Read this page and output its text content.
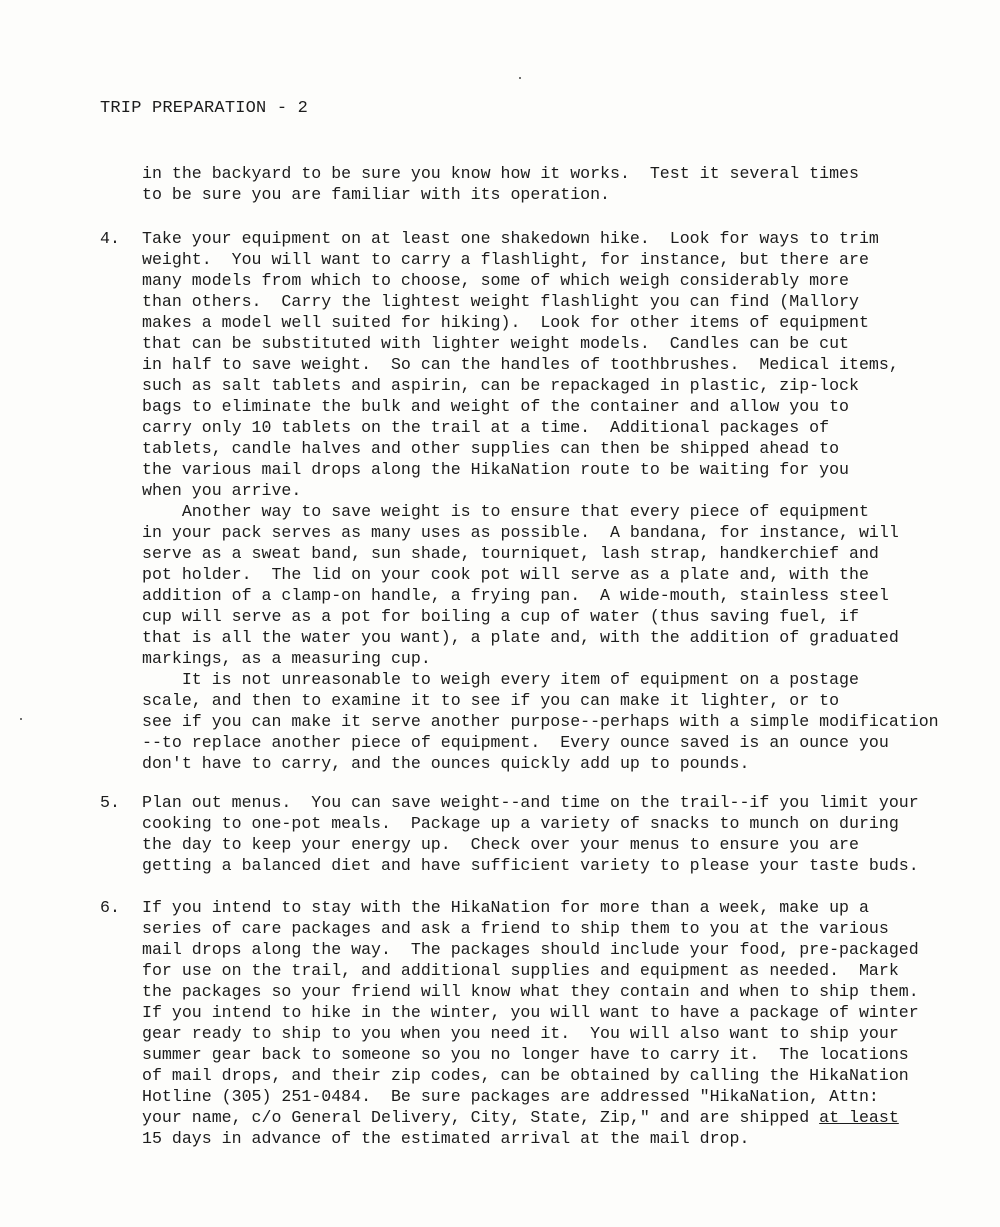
TRIP PREPARATION - 2
in the backyard to be sure you know how it works.  Test it several times
to be sure you are familiar with its operation.
4. Take your equipment on at least one shakedown hike.  Look for ways to trim
weight.  You will want to carry a flashlight, for instance, but there are
many models from which to choose, some of which weigh considerably more
than others.  Carry the lightest weight flashlight you can find (Mallory
makes a model well suited for hiking).  Look for other items of equipment
that can be substituted with lighter weight models.  Candles can be cut
in half to save weight.  So can the handles of toothbrushes.  Medical items,
such as salt tablets and aspirin, can be repackaged in plastic, zip-lock
bags to eliminate the bulk and weight of the container and allow you to
carry only 10 tablets on the trail at a time.  Additional packages of
tablets, candle halves and other supplies can then be shipped ahead to
the various mail drops along the HikaNation route to be waiting for you
when you arrive.
Another way to save weight is to ensure that every piece of equipment
in your pack serves as many uses as possible.  A bandana, for instance, will
serve as a sweat band, sun shade, tourniquet, lash strap, handkerchief and
pot holder.  The lid on your cook pot will serve as a plate and, with the
addition of a clamp-on handle, a frying pan.  A wide-mouth, stainless steel
cup will serve as a pot for boiling a cup of water (thus saving fuel, if
that is all the water you want), a plate and, with the addition of graduated
markings, as a measuring cup.
It is not unreasonable to weigh every item of equipment on a postage
scale, and then to examine it to see if you can make it lighter, or to
see if you can make it serve another purpose--perhaps with a simple modification
--to replace another piece of equipment.  Every ounce saved is an ounce you
don't have to carry, and the ounces quickly add up to pounds.
5. Plan out menus.  You can save weight--and time on the trail--if you limit your
cooking to one-pot meals.  Package up a variety of snacks to munch on during
the day to keep your energy up.  Check over your menus to ensure you are
getting a balanced diet and have sufficient variety to please your taste buds.
6. If you intend to stay with the HikaNation for more than a week, make up a
series of care packages and ask a friend to ship them to you at the various
mail drops along the way.  The packages should include your food, pre-packaged
for use on the trail, and additional supplies and equipment as needed.  Mark
the packages so your friend will know what they contain and when to ship them.
If you intend to hike in the winter, you will want to have a package of winter
gear ready to ship to you when you need it.  You will also want to ship your
summer gear back to someone so you no longer have to carry it.  The locations
of mail drops, and their zip codes, can be obtained by calling the HikaNation
Hotline (305) 251-0484.  Be sure packages are addressed "HikaNation, Attn:
your name, c/o General Delivery, City, State, Zip," and are shipped at least
15 days in advance of the estimated arrival at the mail drop.
